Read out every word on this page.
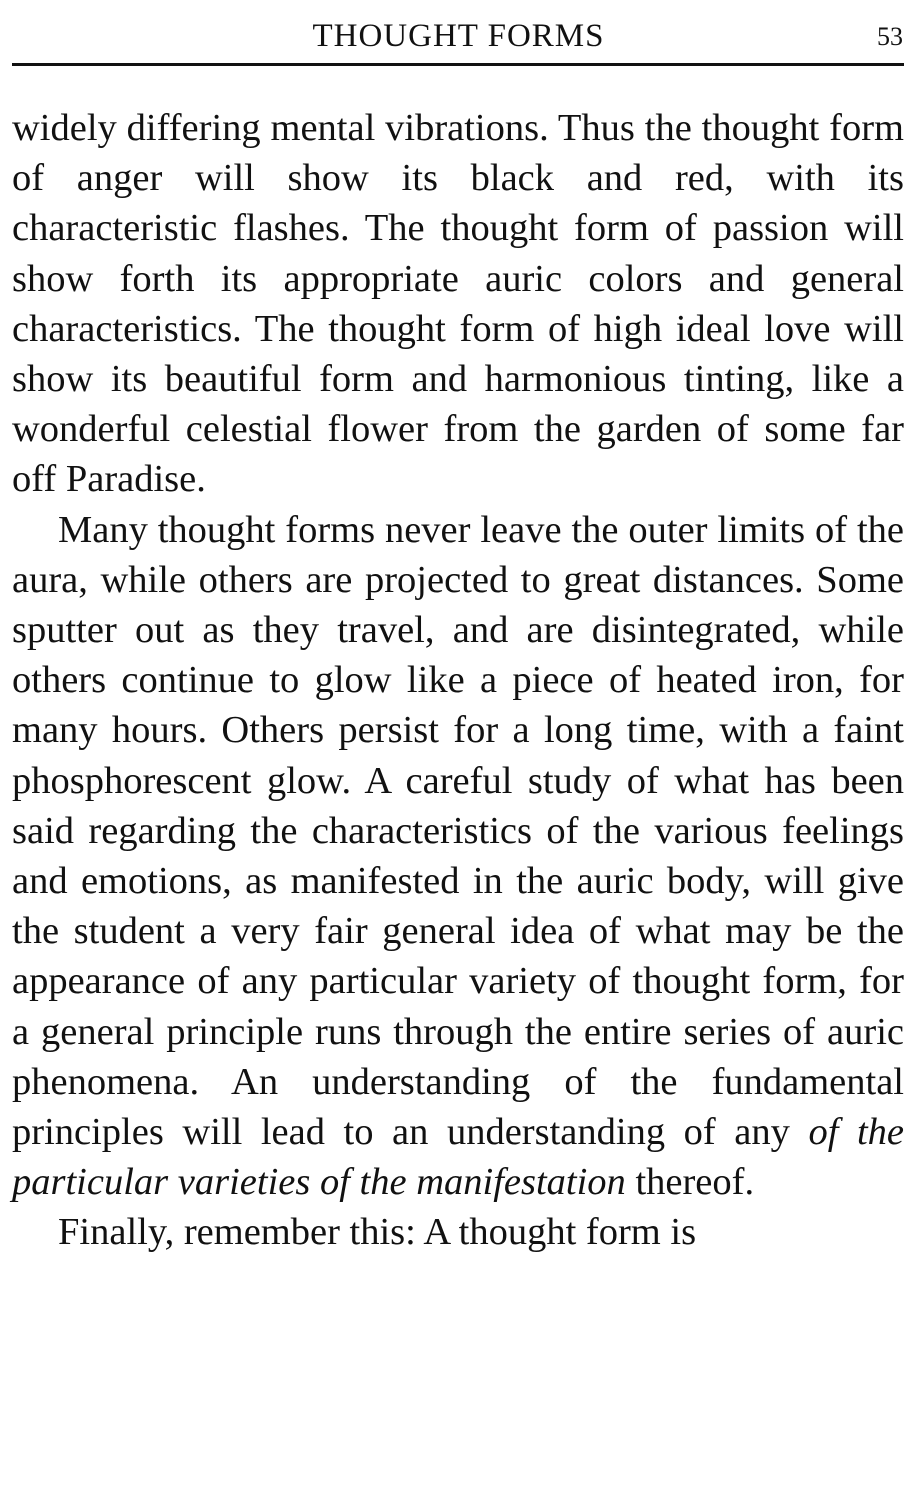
THOUGHT FORMS	53

widely differing mental vibrations. Thus the thought form of anger will show its black and red, with its characteristic flashes. The thought form of passion will show forth its appropriate auric colors and general characteristics. The thought form of high ideal love will show its beautiful form and harmonious tinting, like a wonderful celestial flower from the garden of some far off Paradise.

Many thought forms never leave the outer limits of the aura, while others are projected to great distances. Some sputter out as they travel, and are disintegrated, while others continue to glow like a piece of heated iron, for many hours. Others persist for a long time, with a faint phosphorescent glow. A careful study of what has been said regarding the characteristics of the various feelings and emotions, as manifested in the auric body, will give the student a very fair general idea of what may be the appearance of any particular variety of thought form, for a general principle runs through the entire series of auric phenomena. An understanding of the fundamental principles will lead to an understanding of any of the particular varieties of the manifestation thereof.

Finally, remember this: A thought form is
